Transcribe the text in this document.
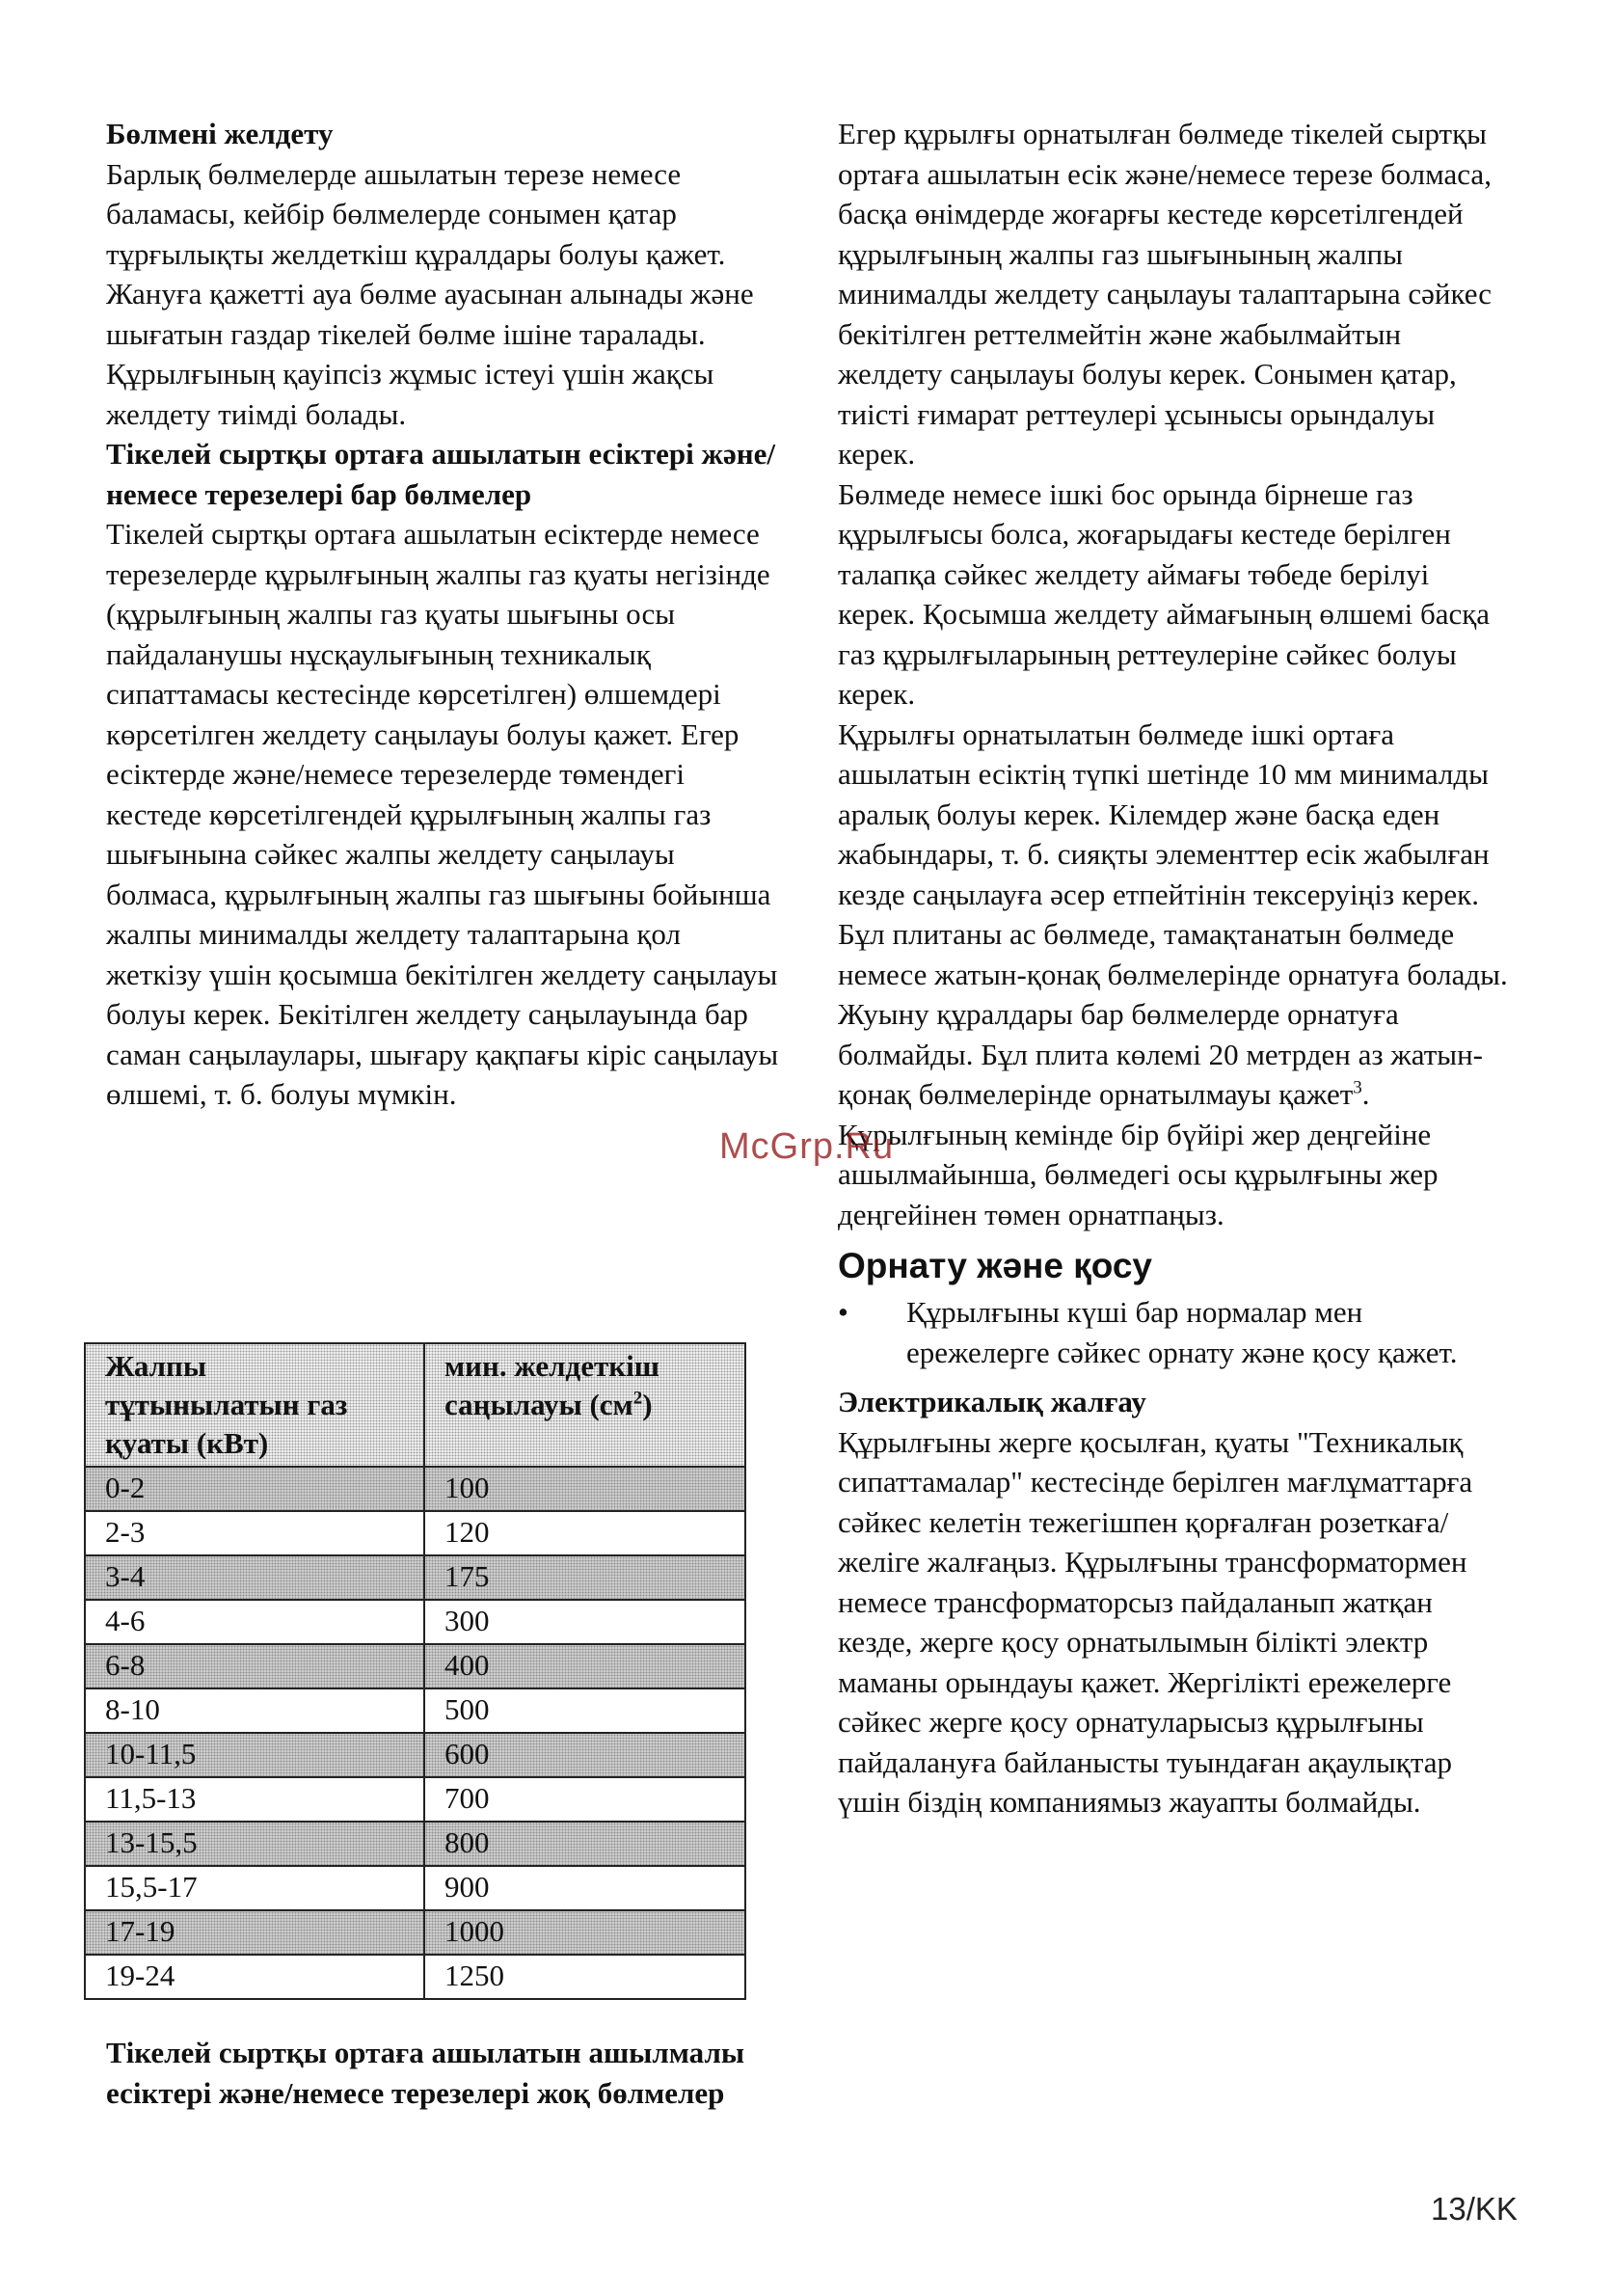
Бөлмені желдету

Барлық бөлмелерде ашылатын терезе немесе баламасы, кейбір бөлмелерде сонымен қатар тұрғылықты желдеткіш құралдары болуы қажет. Жануға қажетті ауа бөлме ауасынан алынады және шығатын газдар тікелей бөлме ішіне таралады. Құрылғының қауіпсіз жұмыс істеуі үшін жақсы желдету тиімді болады.

Тікелей сыртқы ортаға ашылатын есіктері және/немесе терезелері бар бөлмелер

Тікелей сыртқы ортаға ашылатын есіктерде немесе терезелерде құрылғының жалпы газ қуаты негізінде (құрылғының жалпы газ қуаты шығыны осы пайдаланушы нұсқаулығының техникалық сипаттамасы кестесінде көрсетілген) өлшемдері көрсетілген желдету саңылауы болуы қажет. Егер есіктерде және/немесе терезелерде төмендегі кестеде көрсетілгендей құрылғының жалпы газ шығынына сәйкес жалпы желдету саңылауы болмаса, құрылғының жалпы газ шығыны бойынша жалпы минималды желдету талаптарына қол жеткізу үшін қосымша бекітілген желдету саңылауы болуы керек. Бекітілген желдету саңылауында бар саман саңылаулары, шығару қақпағы кіріс саңылауы өлшемі, т. б. болуы мүмкін.

Жалпы тұтынылатын газ қуаты (кВт)	мин. желдеткіш саңылауы $(см^2)$
0-2	100
2-3	120
3-4	175
4-6	300
6-8	400
8-10	500
10-11,5	600
11,5-13	700
13-15,5	800
15,5-17	900
17-19	1000
19-24	1250

Тікелей сыртқы ортаға ашылатын ашылмалы есіктері және/немесе терезелері жоқ бөлмелер

Егер құрылғы орнатылған бөлмеде тікелей сыртқы ортаға ашылатын есік және/немесе терезе болмаса, басқа өнімдерде жоғарғы кестеде көрсетілгендей құрылғының жалпы газ шығынының жалпы минималды желдету саңылауы талаптарына сәйкес бекітілген реттелмейтін және жабылмайтын желдету саңылауы болуы керек. Сонымен қатар, тиісті ғимарат реттеулері ұсынысы орындалуы керек.

Бөлмеде немесе ішкі бос орында бірнеше газ құрылғысы болса, жоғарыдағы кестеде берілген талапқа сәйкес желдету аймағы төбеде берілуі керек. Қосымша желдету аймағының өлшемі басқа газ құрылғыларының реттеулеріне сәйкес болуы керек.

Құрылғы орнатылатын бөлмеде ішкі ортаға ашылатын есіктің түпкі шетінде 10 мм минималды аралық болуы керек. Кілемдер және басқа еден жабындары, т. б. сияқты элементтер есік жабылған кезде саңылауға әсер етпейтінін тексеруіңіз керек.

Бұл плитаны ас бөлмеде, тамақтанатын бөлмеде немесе жатын-қонақ бөлмелерінде орнатуға болады. Жуыну құралдары бар бөлмелерде орнатуға болмайды. Бұл плита көлемі 20 метрден аз жатын-қонақ бөлмелерінде орнатылмауы қажет$^3$.

Құрылғының кемінде бір бүйірі жер деңгейіне ашылмайынша, бөлмедегі осы құрылғыны жер деңгейінен төмен орнатпаңыз.

Орнату және қосу

•	Құрылғыны күші бар нормалар мен ережелерге сәйкес орнату және қосу қажет.

Электрикалық жалғау

Құрылғыны жерге қосылған, қуаты "Техникалық сипаттамалар" кестесінде берілген мағлұматтарға сәйкес келетін тежегішпен қорғалған розеткаға/желіге жалғаңыз. Құрылғыны трансформатормен немесе трансформаторсыз пайдаланып жатқан кезде, жерге қосу орнатылымын білікті электр маманы орындауы қажет. Жергілікті ережелерге сәйкес жерге қосу орнатуларысыз құрылғыны пайдалануға байланысты туындаған ақаулықтар үшін біздің компаниямыз жауапты болмайды.

McGrp.Ru
13/KK
